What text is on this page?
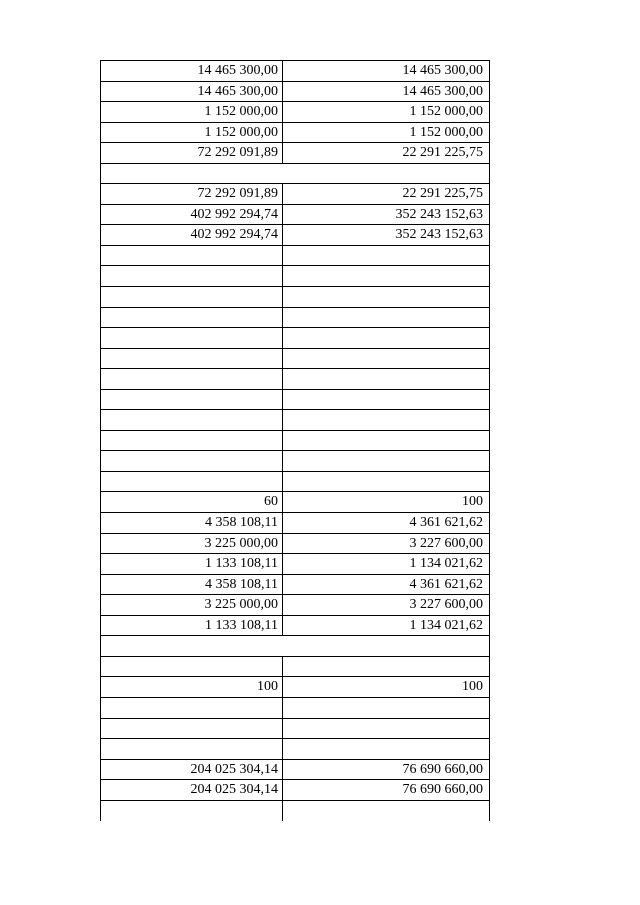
14 465 300,00	14 465 300,00
14 465 300,00	14 465 300,00
1 152 000,00	1 152 000,00
1 152 000,00	1 152 000,00
72 292 091,89	22 291 225,75
72 292 091,89	22 291 225,75
402 992 294,74	352 243 152,63
402 992 294,74	352 243 152,63
60	100
4 358 108,11	4 361 621,62
3 225 000,00	3 227 600,00
1 133 108,11	1 134 021,62
4 358 108,11	4 361 621,62
3 225 000,00	3 227 600,00
1 133 108,11	1 134 021,62
100	100
204 025 304,14	76 690 660,00
204 025 304,14	76 690 660,00
